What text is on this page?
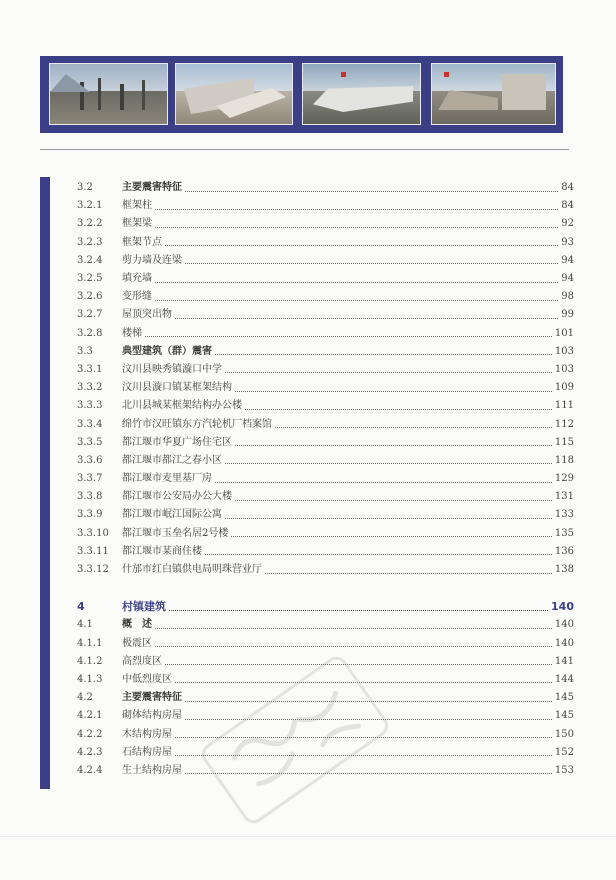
3.2	主要震害特征	84
3.2.1	框架柱	84
3.2.2	框架梁	92
3.2.3	框架节点	93
3.2.4	剪力墙及连梁	94
3.2.5	填充墙	94
3.2.6	变形缝	98
3.2.7	屋顶突出物	99
3.2.8	楼梯	101
3.3	典型建筑（群）震害	103
3.3.1	汶川县映秀镇漩口中学	103
3.3.2	汶川县漩口镇某框架结构	109
3.3.3	北川县城某框架结构办公楼	111
3.3.4	绵竹市汉旺镇东方汽轮机厂档案馆	112
3.3.5	都江堰市华夏广场住宅区	115
3.3.6	都江堰市都江之春小区	118
3.3.7	都江堰市麦里基厂房	129
3.3.8	都江堰市公安局办公大楼	131
3.3.9	都江堰市岷江国际公寓	133
3.3.10	都江堰市玉垒名居2号楼	135
3.3.11	都江堰市某商住楼	136
3.3.12	什邡市红白镇供电局明珠营业厅	138
4	村镇建筑	140
4.1	概　述	140
4.1.1	极震区	140
4.1.2	高烈度区	141
4.1.3	中低烈度区	144
4.2	主要震害特征	145
4.2.1	砌体结构房屋	145
4.2.2	木结构房屋	150
4.2.3	石结构房屋	152
4.2.4	生土结构房屋	153
